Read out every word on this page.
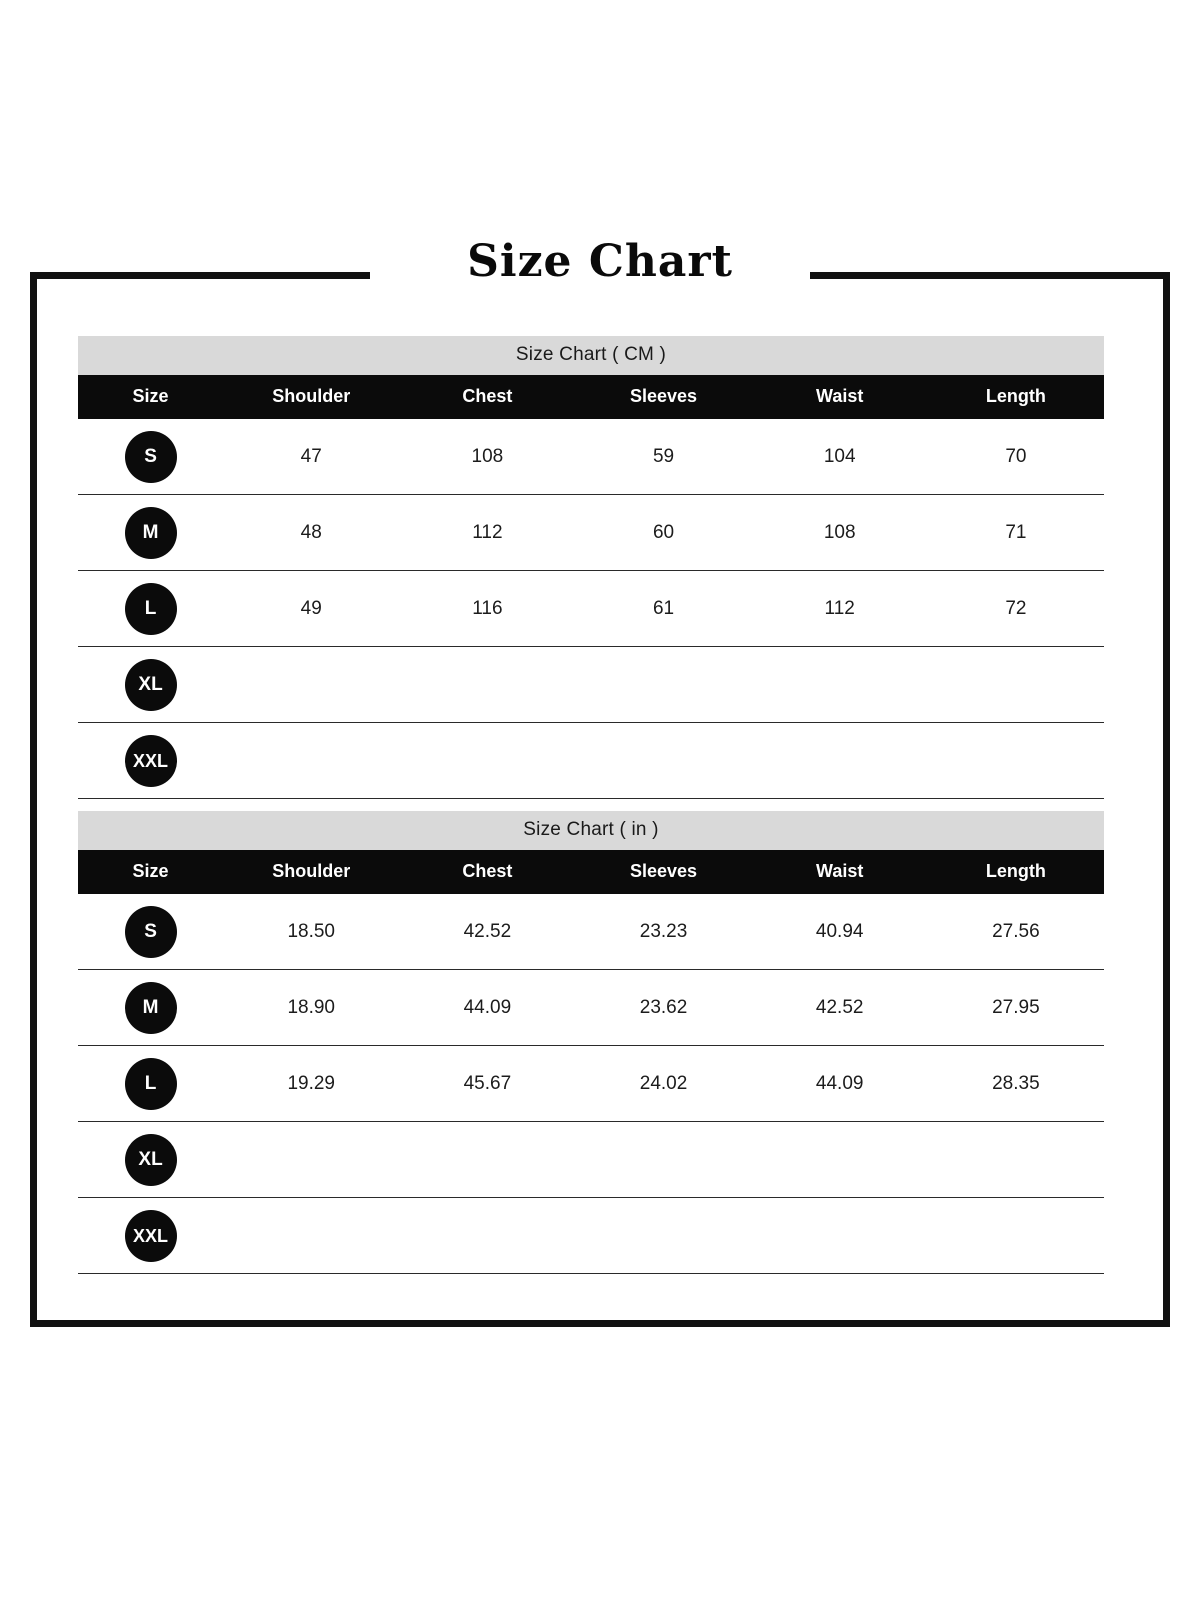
Size Chart
Size Chart ( CM )
Size	Shoulder	Chest	Sleeves	Waist	Length
S	47	108	59	104	70
M	48	112	60	108	71
L	49	116	61	112	72
XL					
XXL					
Size Chart ( in )
Size	Shoulder	Chest	Sleeves	Waist	Length
S	18.50	42.52	23.23	40.94	27.56
M	18.90	44.09	23.62	42.52	27.95
L	19.29	45.67	24.02	44.09	28.35
XL					
XXL					
